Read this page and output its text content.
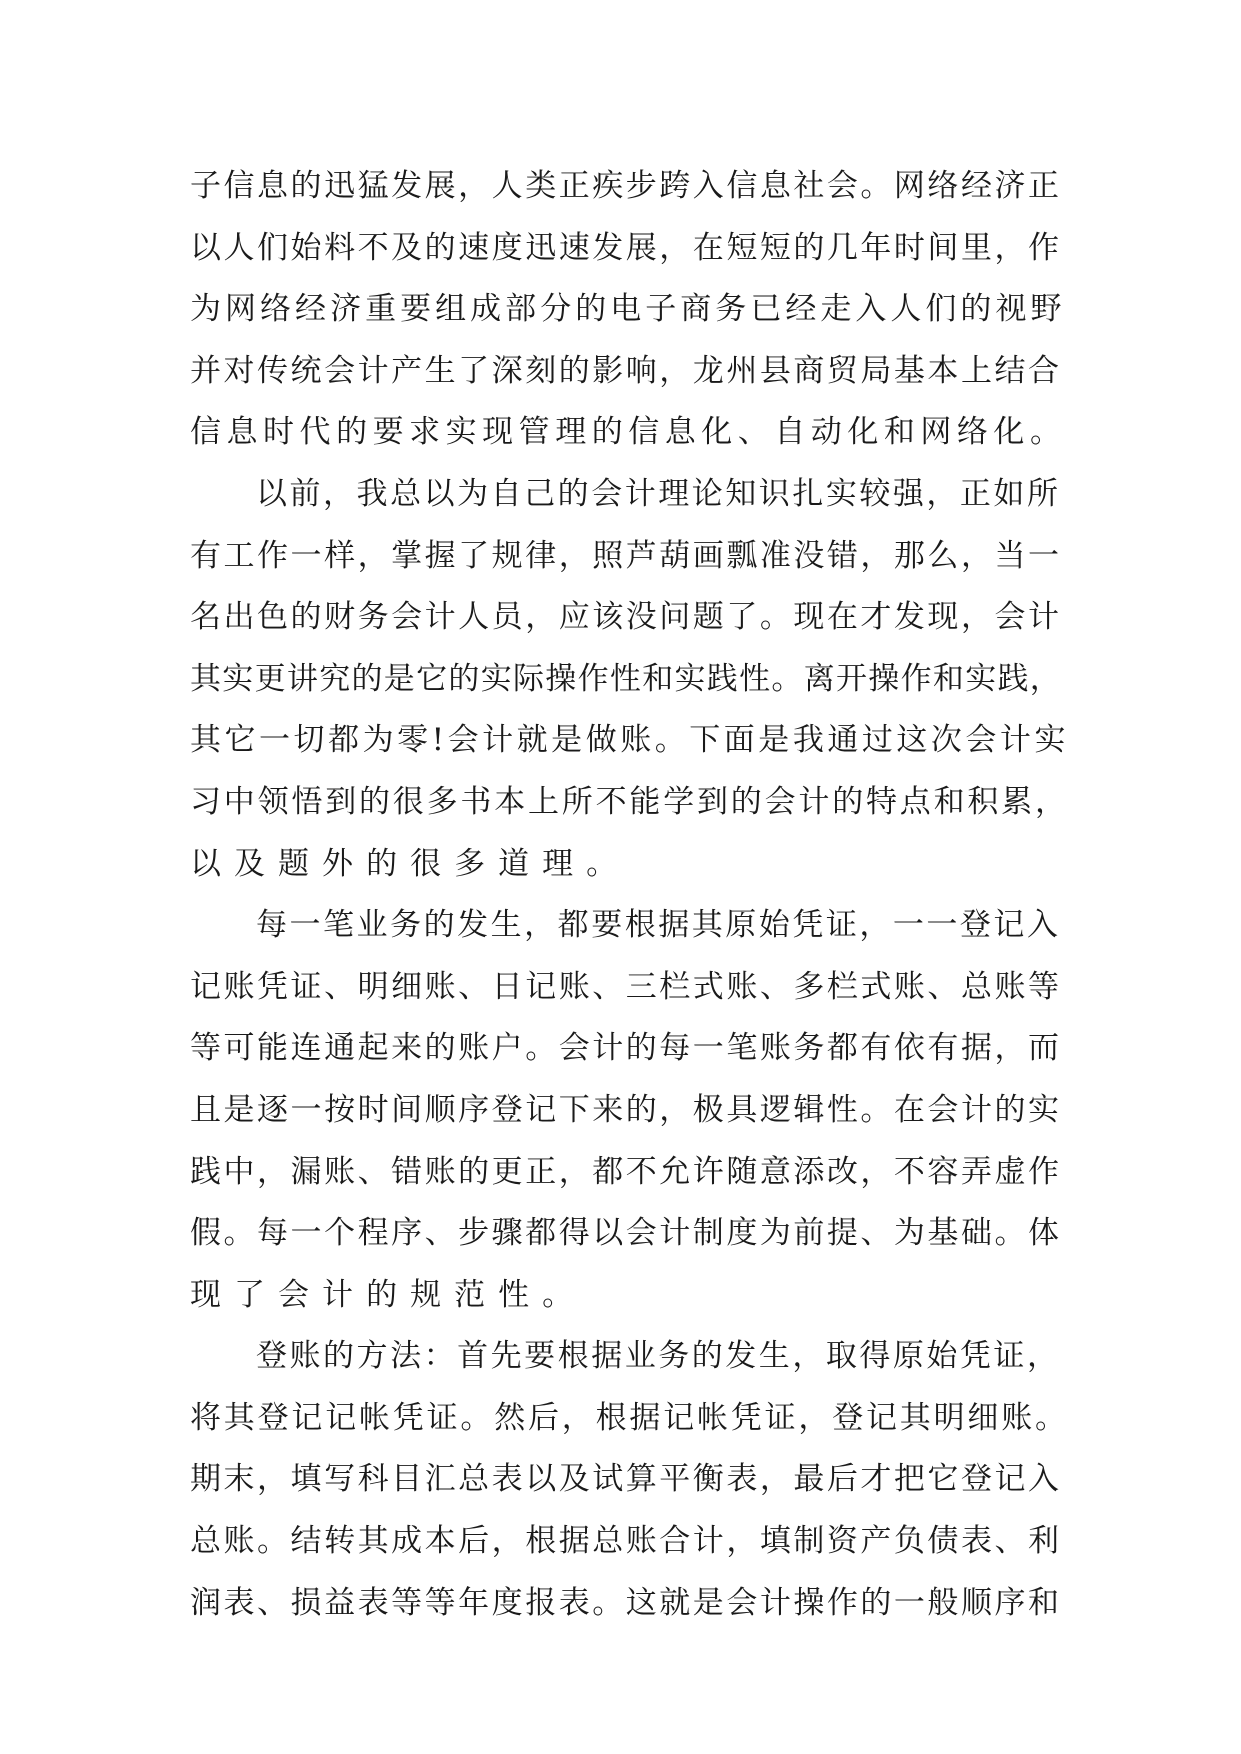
子信息的迅猛发展，人类正疾步跨入信息社会。网络经济正
以人们始料不及的速度迅速发展，在短短的几年时间里，作
为网络经济重要组成部分的电子商务已经走入人们的视野
并对传统会计产生了深刻的影响，龙州县商贸局基本上结合
信息时代的要求实现管理的信息化、自动化和网络化。
以前，我总以为自己的会计理论知识扎实较强，正如所
有工作一样，掌握了规律，照芦葫画瓢准没错，那么，当一
名出色的财务会计人员，应该没问题了。现在才发现，会计
其实更讲究的是它的实际操作性和实践性。离开操作和实践，
其它一切都为零!会计就是做账。下面是我通过这次会计实
习中领悟到的很多书本上所不能学到的会计的特点和积累，
以及题外的很多道理。
每一笔业务的发生，都要根据其原始凭证，一一登记入
记账凭证、明细账、日记账、三栏式账、多栏式账、总账等
等可能连通起来的账户。会计的每一笔账务都有依有据，而
且是逐一按时间顺序登记下来的，极具逻辑性。在会计的实
践中，漏账、错账的更正，都不允许随意添改，不容弄虚作
假。每一个程序、步骤都得以会计制度为前提、为基础。体
现了会计的规范性。
登账的方法：首先要根据业务的发生，取得原始凭证，
将其登记记帐凭证。然后，根据记帐凭证，登记其明细账。
期末，填写科目汇总表以及试算平衡表，最后才把它登记入
总账。结转其成本后，根据总账合计，填制资产负债表、利
润表、损益表等等年度报表。这就是会计操作的一般顺序和
